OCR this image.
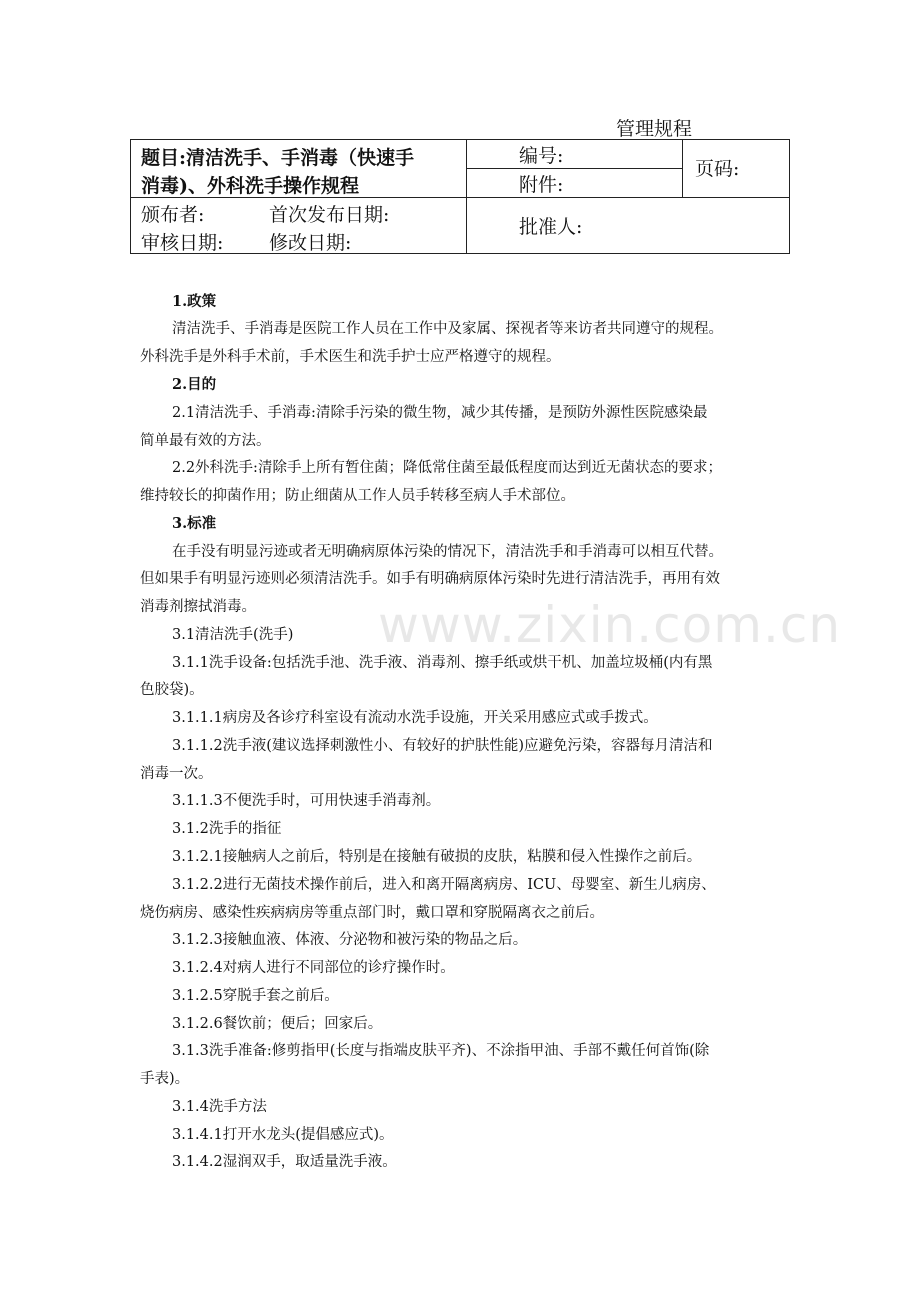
管理规程
题目:清洁洗手、手消毒（快速手
消毒)、外科洗手操作规程
编号:
附件:
页码:
颁布者:	首次发布日期:
审核日期: 修改日期:
批准人:
www.zixin.com.cn
1.政策
清洁洗手、手消毒是医院工作人员在工作中及家属、探视者等来访者共同遵守的规程。
外科洗手是外科手术前，手术医生和洗手护士应严格遵守的规程。
2.目的
2.1清洁洗手、手消毒:清除手污染的微生物，减少其传播，是预防外源性医院感染最
简单最有效的方法。
2.2外科洗手:清除手上所有暂住菌；降低常住菌至最低程度而达到近无菌状态的要求；
维持较长的抑菌作用；防止细菌从工作人员手转移至病人手术部位。
3.标准
在手没有明显污迹或者无明确病原体污染的情况下，清洁洗手和手消毒可以相互代替。
但如果手有明显污迹则必须清洁洗手。如手有明确病原体污染时先进行清洁洗手，再用有效
消毒剂擦拭消毒。
3.1清洁洗手(洗手)
3.1.1洗手设备:包括洗手池、洗手液、消毒剂、擦手纸或烘干机、加盖垃圾桶(内有黑
色胶袋)。
3.1.1.1病房及各诊疗科室设有流动水洗手设施，开关采用感应式或手拨式。
3.1.1.2洗手液(建议选择刺激性小、有较好的护肤性能)应避免污染，容器每月清洁和
消毒一次。
3.1.1.3不便洗手时，可用快速手消毒剂。
3.1.2洗手的指征
3.1.2.1接触病人之前后，特别是在接触有破损的皮肤，粘膜和侵入性操作之前后。
3.1.2.2进行无菌技术操作前后，进入和离开隔离病房、ICU、母婴室、新生儿病房、
烧伤病房、感染性疾病病房等重点部门时，戴口罩和穿脱隔离衣之前后。
3.1.2.3接触血液、体液、分泌物和被污染的物品之后。
3.1.2.4对病人进行不同部位的诊疗操作时。
3.1.2.5穿脱手套之前后。
3.1.2.6餐饮前；便后；回家后。
3.1.3洗手准备:修剪指甲(长度与指端皮肤平齐)、不涂指甲油、手部不戴任何首饰(除
手表)。
3.1.4洗手方法
3.1.4.1打开水龙头(提倡感应式)。
3.1.4.2湿润双手，取适量洗手液。
